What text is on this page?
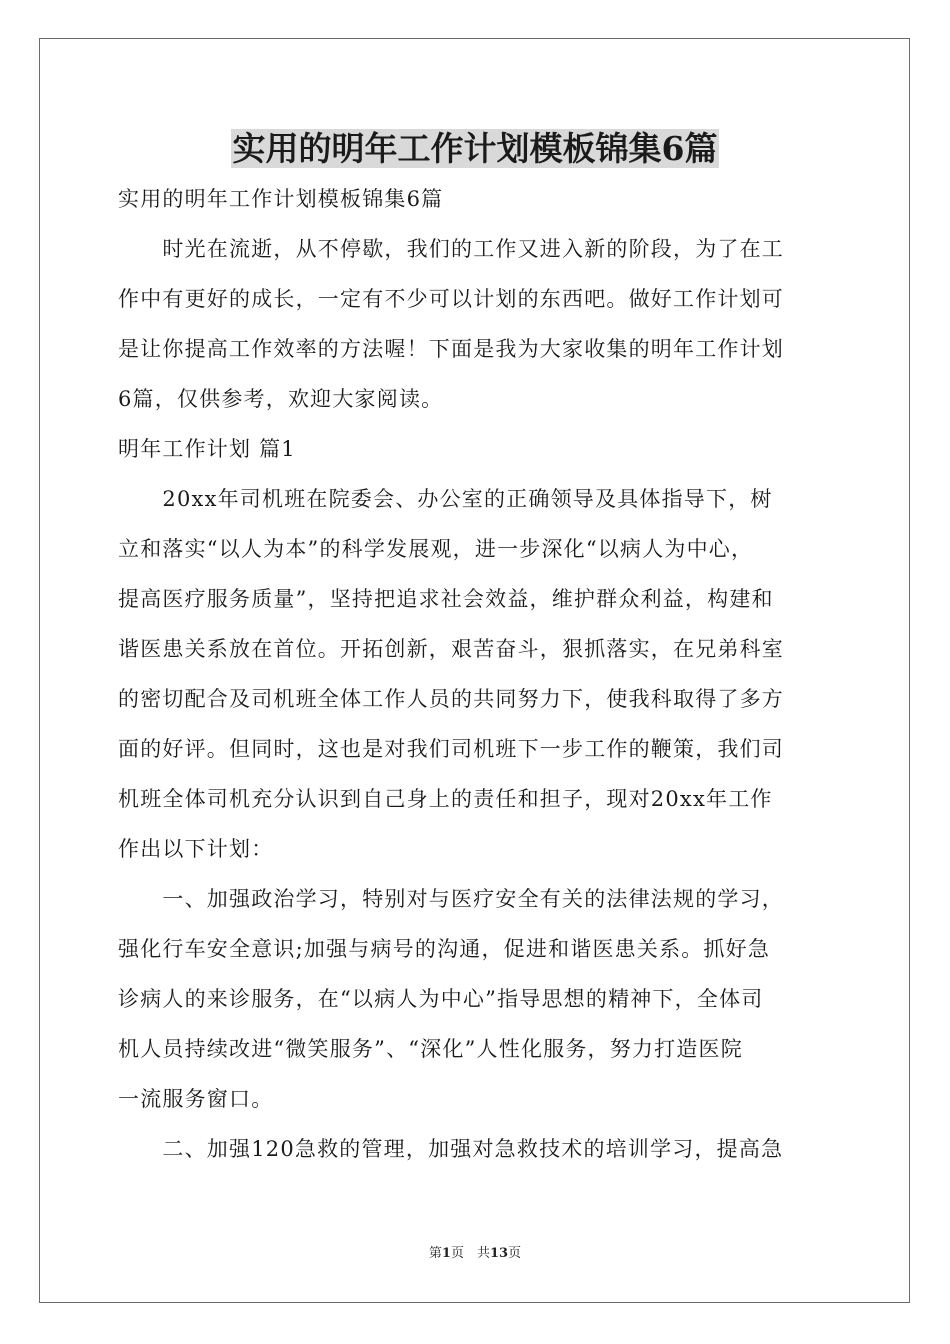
实用的明年工作计划模板锦集6篇
实用的明年工作计划模板锦集6篇
　　时光在流逝，从不停歇，我们的工作又进入新的阶段，为了在工
作中有更好的成长，一定有不少可以计划的东西吧。做好工作计划可
是让你提高工作效率的方法喔！下面是我为大家收集的明年工作计划
6篇，仅供参考，欢迎大家阅读。
明年工作计划 篇1
　　20xx年司机班在院委会、办公室的正确领导及具体指导下，树
立和落实“以人为本”的科学发展观，进一步深化“以病人为中心，
提高医疗服务质量”，坚持把追求社会效益，维护群众利益，构建和
谐医患关系放在首位。开拓创新，艰苦奋斗，狠抓落实，在兄弟科室
的密切配合及司机班全体工作人员的共同努力下，使我科取得了多方
面的好评。但同时，这也是对我们司机班下一步工作的鞭策，我们司
机班全体司机充分认识到自己身上的责任和担子，现对20xx年工作
作出以下计划：
　　一、加强政治学习，特别对与医疗安全有关的法律法规的学习，
强化行车安全意识;加强与病号的沟通，促进和谐医患关系。抓好急
诊病人的来诊服务，在“以病人为中心”指导思想的精神下，全体司
机人员持续改进“微笑服务”、“深化”人性化服务，努力打造医院
一流服务窗口。
　　二、加强120急救的管理，加强对急救技术的培训学习，提高急
第1页　共13页
